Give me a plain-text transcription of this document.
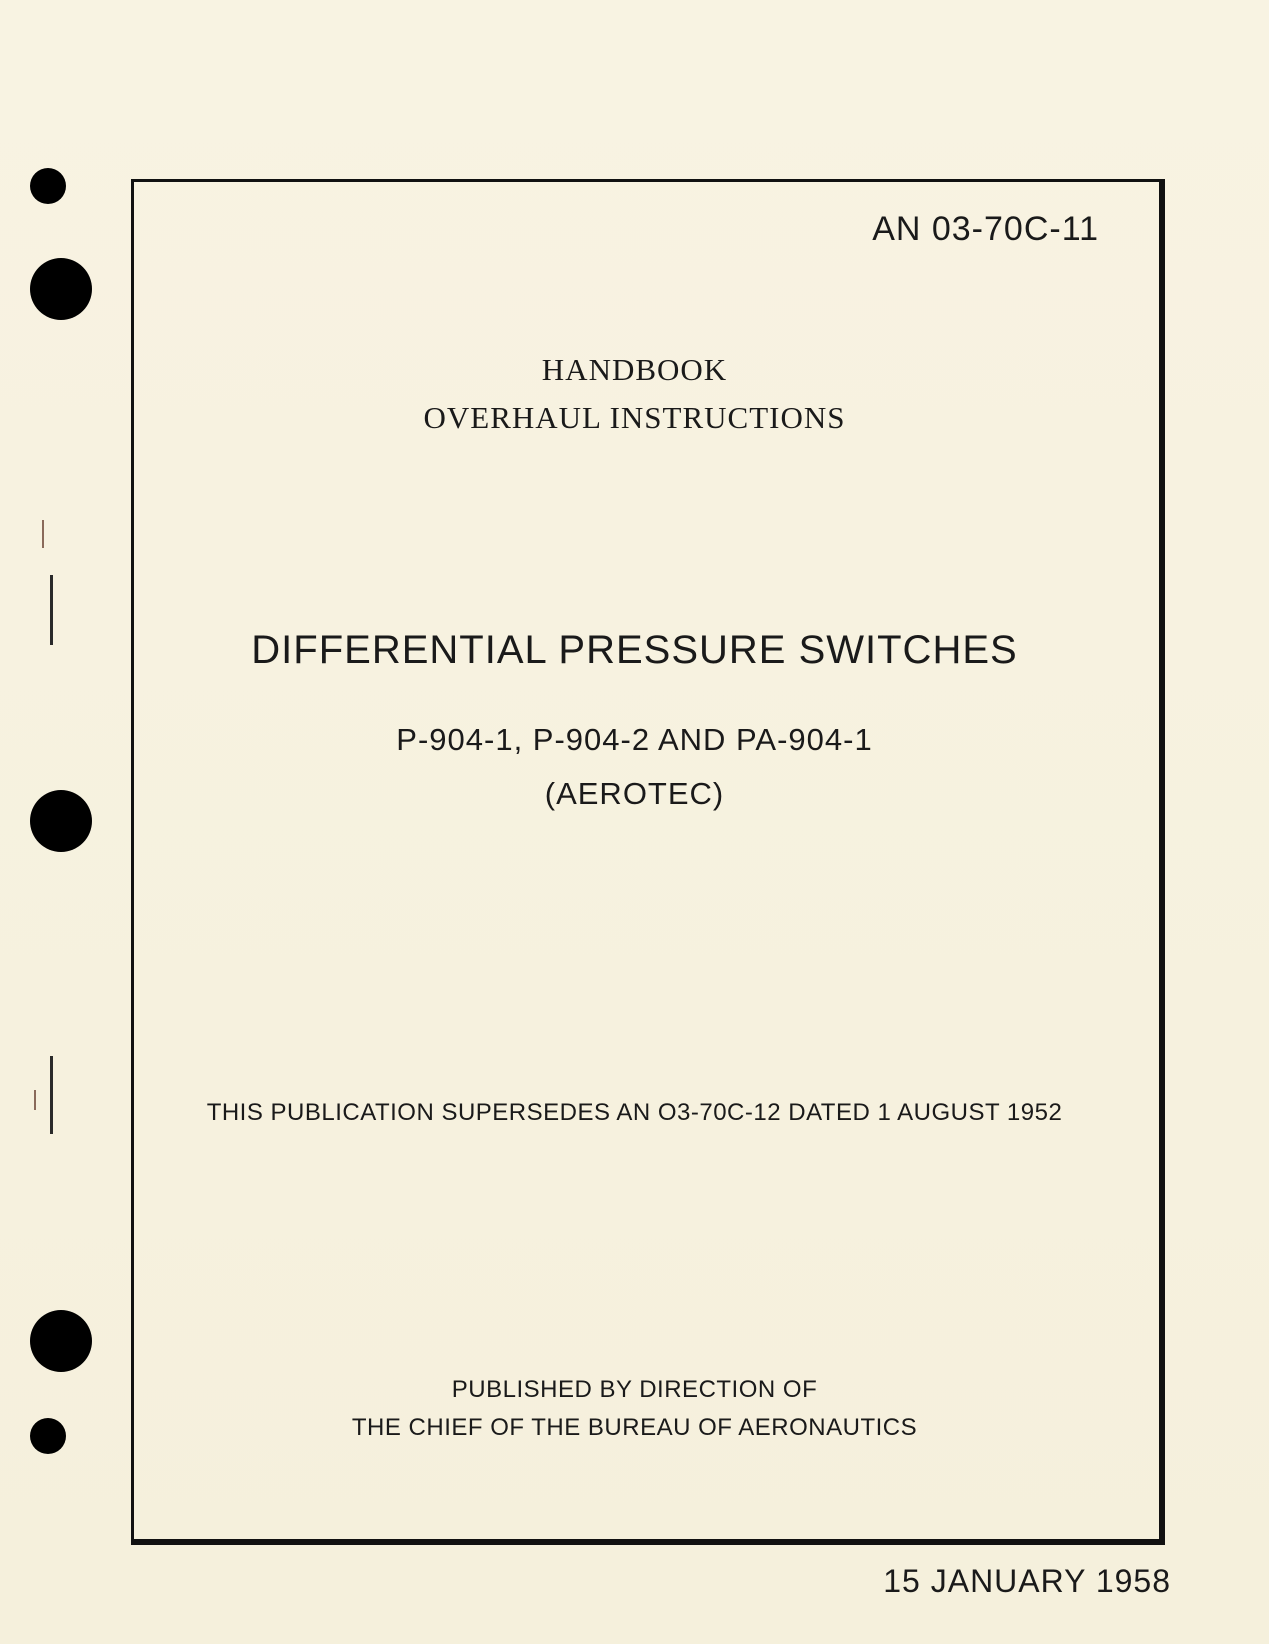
AN 03-70C-11
HANDBOOK
OVERHAUL INSTRUCTIONS
DIFFERENTIAL PRESSURE SWITCHES
P-904-1, P-904-2 AND PA-904-1
(AEROTEC)
THIS PUBLICATION SUPERSEDES AN O3-70C-12 DATED 1 AUGUST 1952
PUBLISHED BY DIRECTION OF
THE CHIEF OF THE BUREAU OF AERONAUTICS
15 JANUARY 1958
